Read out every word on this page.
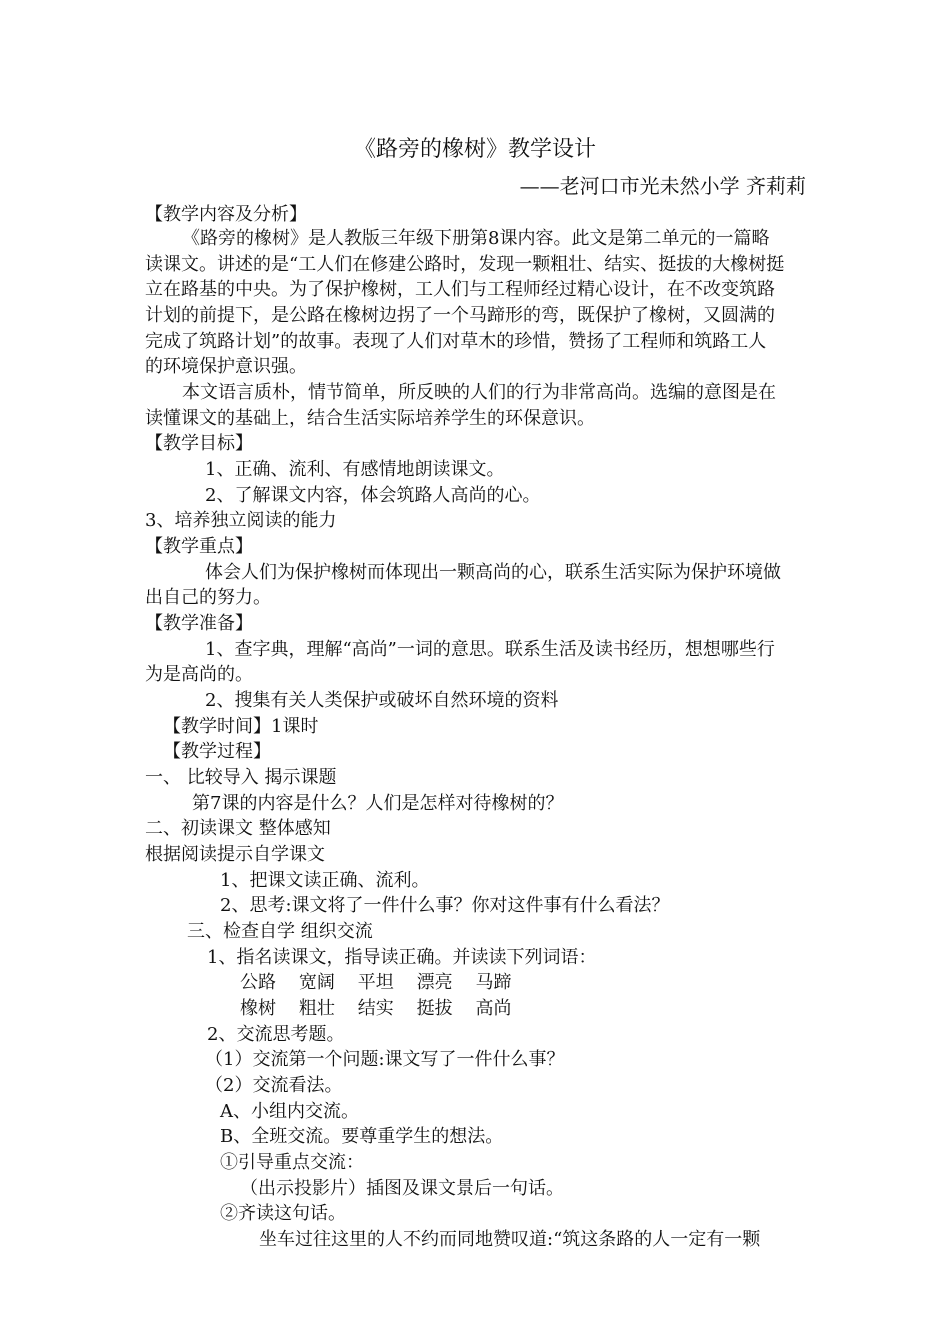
《路旁的橡树》教学设计
——老河口市光未然小学 齐莉莉
【教学内容及分析】
《路旁的橡树》是人教版三年级下册第8课内容。此文是第二单元的一篇略
读课文。讲述的是“工人们在修建公路时，发现一颗粗壮、结实、挺拔的大橡树挺
立在路基的中央。为了保护橡树，工人们与工程师经过精心设计，在不改变筑路
计划的前提下，是公路在橡树边拐了一个马蹄形的弯，既保护了橡树，又圆满的
完成了筑路计划”的故事。表现了人们对草木的珍惜，赞扬了工程师和筑路工人
的环境保护意识强。
本文语言质朴，情节简单，所反映的人们的行为非常高尚。选编的意图是在
读懂课文的基础上，结合生活实际培养学生的环保意识。
【教学目标】
1、正确、流利、有感情地朗读课文。
2、了解课文内容，体会筑路人高尚的心。
3、培养独立阅读的能力
【教学重点】
体会人们为保护橡树而体现出一颗高尚的心，联系生活实际为保护环境做
出自己的努力。
【教学准备】
1、查字典，理解“高尚”一词的意思。联系生活及读书经历，想想哪些行
为是高尚的。
2、搜集有关人类保护或破坏自然环境的资料
【教学时间】1课时
【教学过程】
一、 比较导入 揭示课题
第7课的内容是什么？人们是怎样对待橡树的？
二、初读课文 整体感知
根据阅读提示自学课文
1、把课文读正确、流利。
2、思考:课文将了一件什么事？你对这件事有什么看法？
三、检查自学 组织交流
1、指名读课文，指导读正确。并读读下列词语：
公路    宽阔    平坦    漂亮    马蹄
橡树    粗壮    结实    挺拔    高尚
2、交流思考题。
（1）交流第一个问题:课文写了一件什么事？
（2）交流看法。
A、小组内交流。
B、全班交流。要尊重学生的想法。
①引导重点交流：
（出示投影片）插图及课文景后一句话。
②齐读这句话。
坐车过往这里的人不约而同地赞叹道:“筑这条路的人一定有一颗
